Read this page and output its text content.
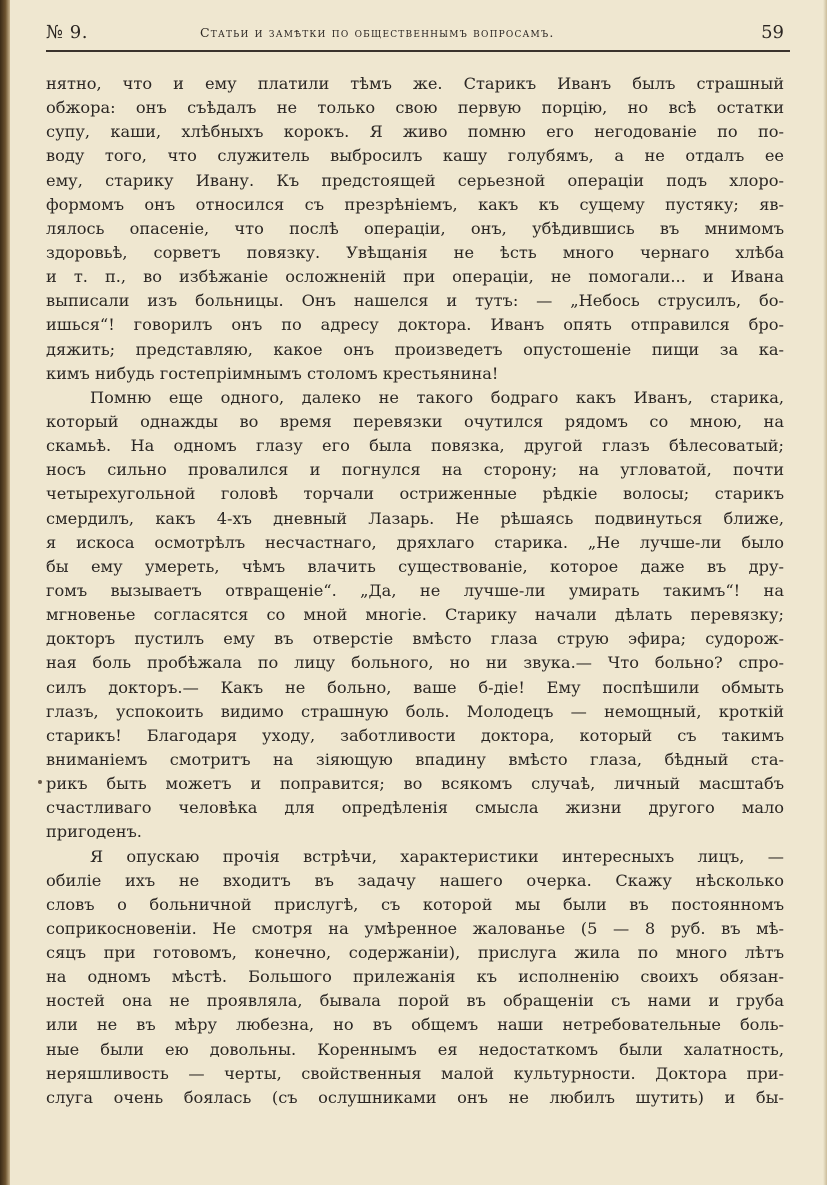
№ 9.	Статьи и замѣтки по общественнымъ вопросамъ.	59
нятно, что и ему платили тѣмъ же. Старикъ Иванъ былъ страшный
обжора: онъ съѣдалъ не только свою первую порцію, но всѣ остатки
супу, каши, хлѣбныхъ корокъ. Я живо помню его негодованіе по по-
воду того, что служитель выбросилъ кашу голубямъ, а не отдалъ ее
ему, старику Ивану. Къ предстоящей серьезной операціи подъ хлоро-
формомъ онъ относился съ презрѣніемъ, какъ къ сущему пустяку; яв-
лялось опасеніе, что послѣ операціи, онъ, убѣдившись въ мнимомъ
здоровьѣ, сорветъ повязку. Увѣщанія не ѣсть много чернаго хлѣба
и т. п., во избѣжаніе осложненій при операціи, не помогали... и Ивана
выписали изъ больницы. Онъ нашелся и тутъ: — „Небось струсилъ, бо-
ишься“! говорилъ онъ по адресу доктора. Иванъ опять отправился бро-
дяжить; представляю, какое онъ произведетъ опустошеніе пищи за ка-
кимъ нибудь гостепріимнымъ столомъ крестьянина!
Помню еще одного, далеко не такого бодраго какъ Иванъ, старика,
который однажды во время перевязки очутился рядомъ со мною, на
скамьѣ. На одномъ глазу его была повязка, другой глазъ бѣлесоватый;
носъ сильно провалился и погнулся на сторону; на угловатой, почти
четырехугольной головѣ торчали остриженные рѣдкіе волосы; старикъ
смердилъ, какъ 4-хъ дневный Лазарь. Не рѣшаясь подвинуться ближе,
я искоса осмотрѣлъ несчастнаго, дряхлаго старика. „Не лучше-ли было
бы ему умереть, чѣмъ влачить существованіе, которое даже въ дру-
гомъ вызываетъ отвращеніе“. „Да, не лучше-ли умирать такимъ“! на
мгновенье согласятся со мной многіе. Старику начали дѣлать перевязку;
докторъ пустилъ ему въ отверстіе вмѣсто глаза струю эфира; судорож-
ная боль пробѣжала по лицу больного, но ни звука.— Что больно? спро-
силъ докторъ.— Какъ не больно, ваше б-діе! Ему поспѣшили обмыть
глазъ, успокоить видимо страшную боль. Молодецъ — немощный, кроткій
старикъ! Благодаря уходу, заботливости доктора, который съ такимъ
вниманіемъ смотритъ на зіяющую впадину вмѣсто глаза, бѣдный ста-
рикъ быть можетъ и поправится; во всякомъ случаѣ, личный масштабъ
счастливаго человѣка для опредѣленія смысла жизни другого мало
пригоденъ.
Я опускаю прочія встрѣчи, характеристики интересныхъ лицъ, —
обиліе ихъ не входитъ въ задачу нашего очерка. Скажу нѣсколько
словъ о больничной прислугѣ, съ которой мы были въ постоянномъ
соприкосновеніи. Не смотря на умѣренное жалованье (5 — 8 руб. въ мѣ-
сяцъ при готовомъ, конечно, содержаніи), прислуга жила по много лѣтъ
на одномъ мѣстѣ. Большого прилежанія къ исполненію своихъ обязан-
ностей она не проявляла, бывала порой въ обращеніи съ нами и груба
или не въ мѣру любезна, но въ общемъ наши нетребовательные боль-
ные были ею довольны. Кореннымъ ея недостаткомъ были халатность,
неряшливость — черты, свойственныя малой культурности. Доктора при-
слуга очень боялась (съ ослушниками онъ не любилъ шутить) и бы-
